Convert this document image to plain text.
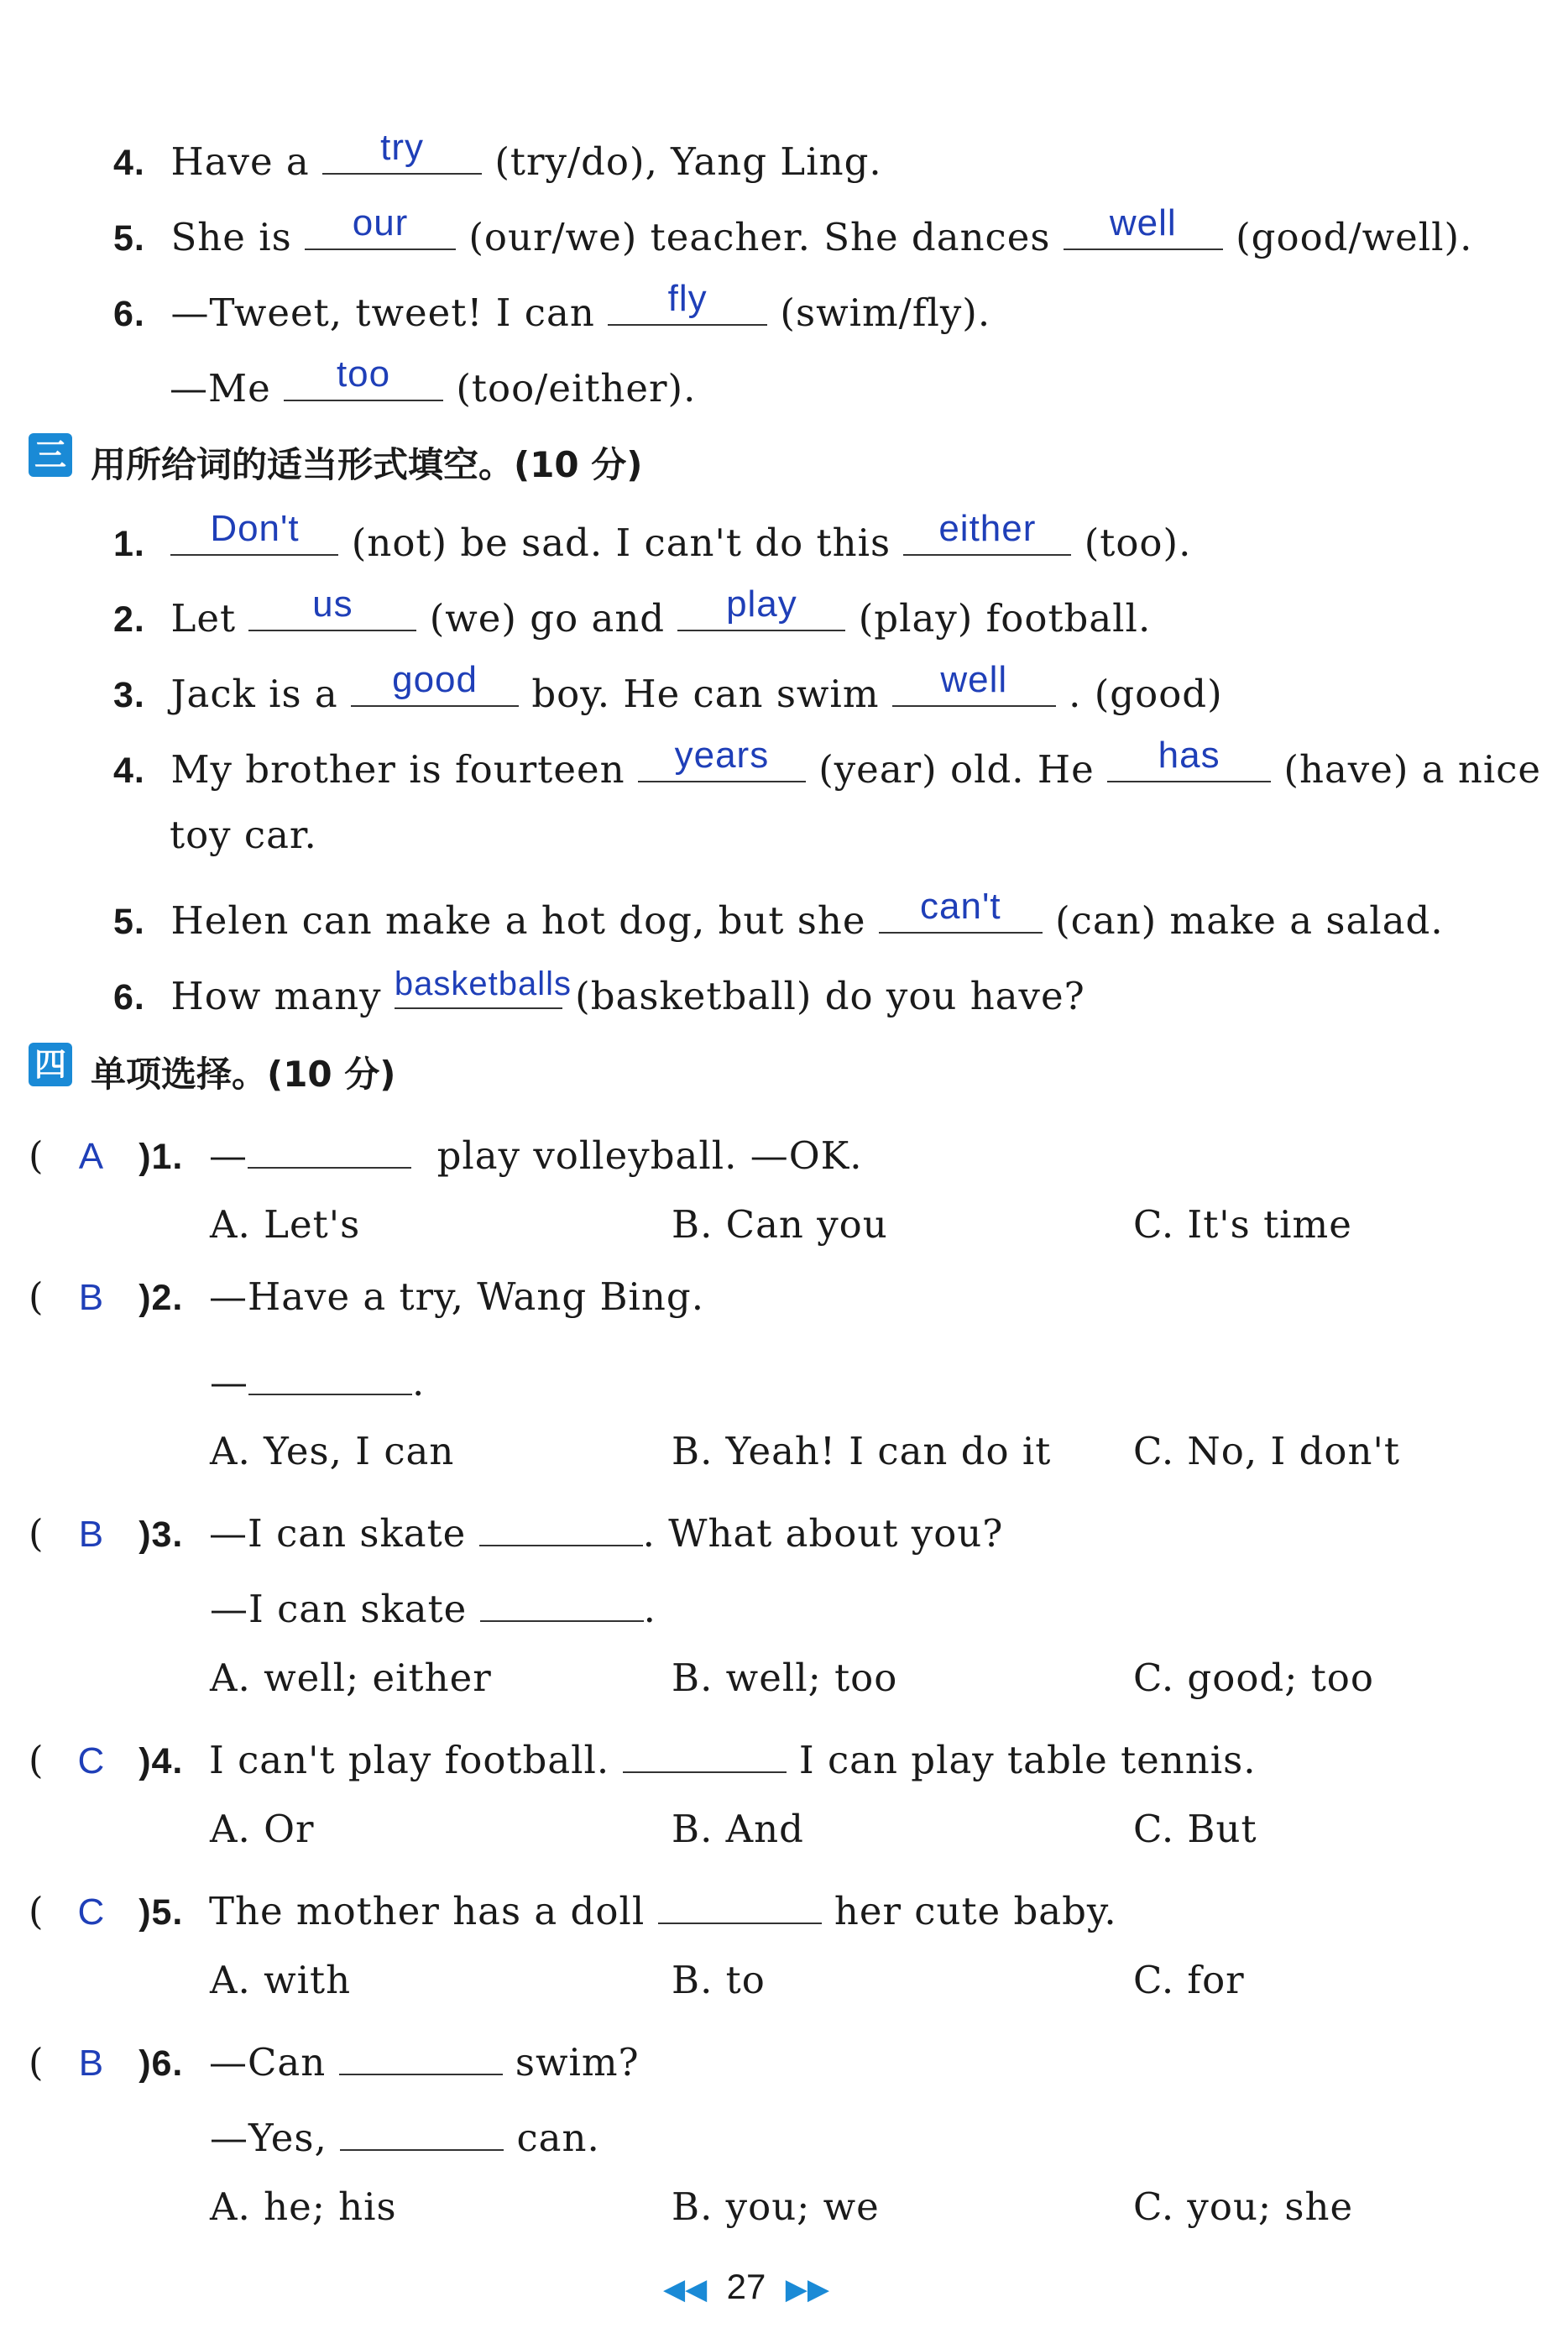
4. Have a	try	(try/do), Yang Ling.
5. She is	our	(our/we) teacher. She dances	well	(good/well).
6. —Tweet, tweet! I can	fly	(swim/fly).
—Me	too	(too/either).
三 用所给词的适当形式填空。(10 分)
1.	Don't	(not) be sad. I can't do this	either	(too).
2. Let	us	(we) go and	play	(play) football.
3. Jack is a	good	boy. He can swim	well	. (good)
4. My brother is fourteen	years	(year) old. He	has	(have) a nice
toy car.
5. Helen can make a hot dog, but she	can't	(can) make a salad.
6. How many basketballs (basketball) do you have?
四 单项选择。(10 分)
( A )1. —	play volleyball. —OK.
A. Let's	B. Can you	C. It's time
( B )2. —Have a try, Wang Bing.
—	.
A. Yes, I can	B. Yeah! I can do it C. No, I don't
( B )3. —I can skate	. What about you?
—I can skate	.
A. well; either	B. well; too	C. good; too
( C )4. I can't play football.	I can play table tennis.
A. Or	B. And	C. But
( C )5. The mother has a doll	her cute baby.
A. with	B. to	C. for
( B )6. —Can	swim?
—Yes,	can.
A. he; his	B. you; we	C. you; she
◀◀ 27 ▶▶
